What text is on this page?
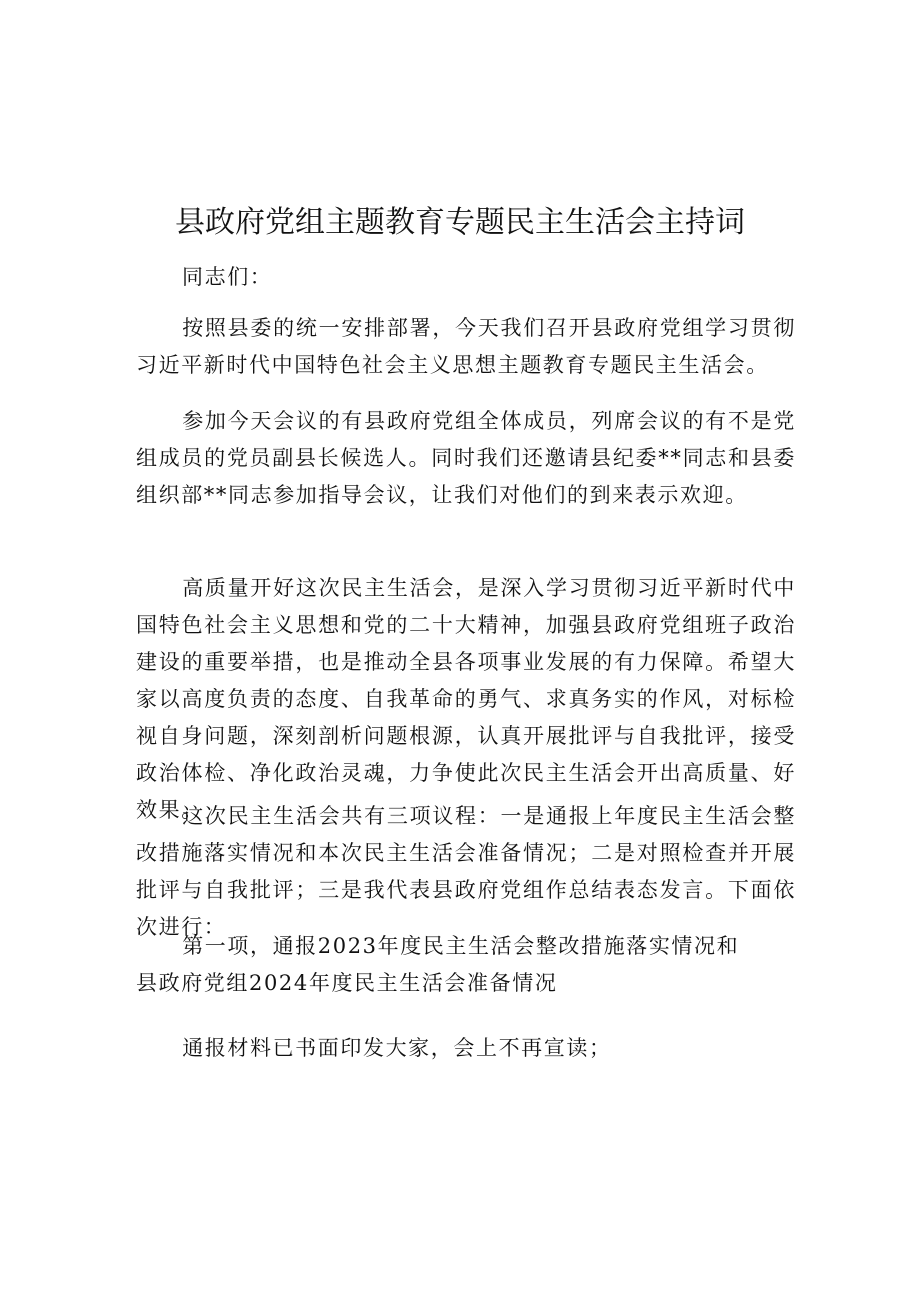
县政府党组主题教育专题民主生活会主持词
同志们：

按照县委的统一安排部署，今天我们召开县政府党组学习贯彻习近平新时代中国特色社会主义思想主题教育专题民主生活会。

参加今天会议的有县政府党组全体成员，列席会议的有不是党组成员的党员副县长候选人。同时我们还邀请县纪委**同志和县委组织部**同志参加指导会议，让我们对他们的到来表示欢迎。

高质量开好这次民主生活会，是深入学习贯彻习近平新时代中国特色社会主义思想和党的二十大精神，加强县政府党组班子政治建设的重要举措，也是推动全县各项事业发展的有力保障。希望大家以高度负责的态度、自我革命的勇气、求真务实的作风，对标检视自身问题，深刻剖析问题根源，认真开展批评与自我批评，接受政治体检、净化政治灵魂，力争使此次民主生活会开出高质量、好效果。

这次民主生活会共有三项议程：一是通报上年度民主生活会整改措施落实情况和本次民主生活会准备情况；二是对照检查并开展批评与自我批评；三是我代表县政府党组作总结表态发言。下面依次进行：

第一项，通报2023年度民主生活会整改措施落实情况和

县政府党组2024年度民主生活会准备情况

通报材料已书面印发大家，会上不再宣读；
